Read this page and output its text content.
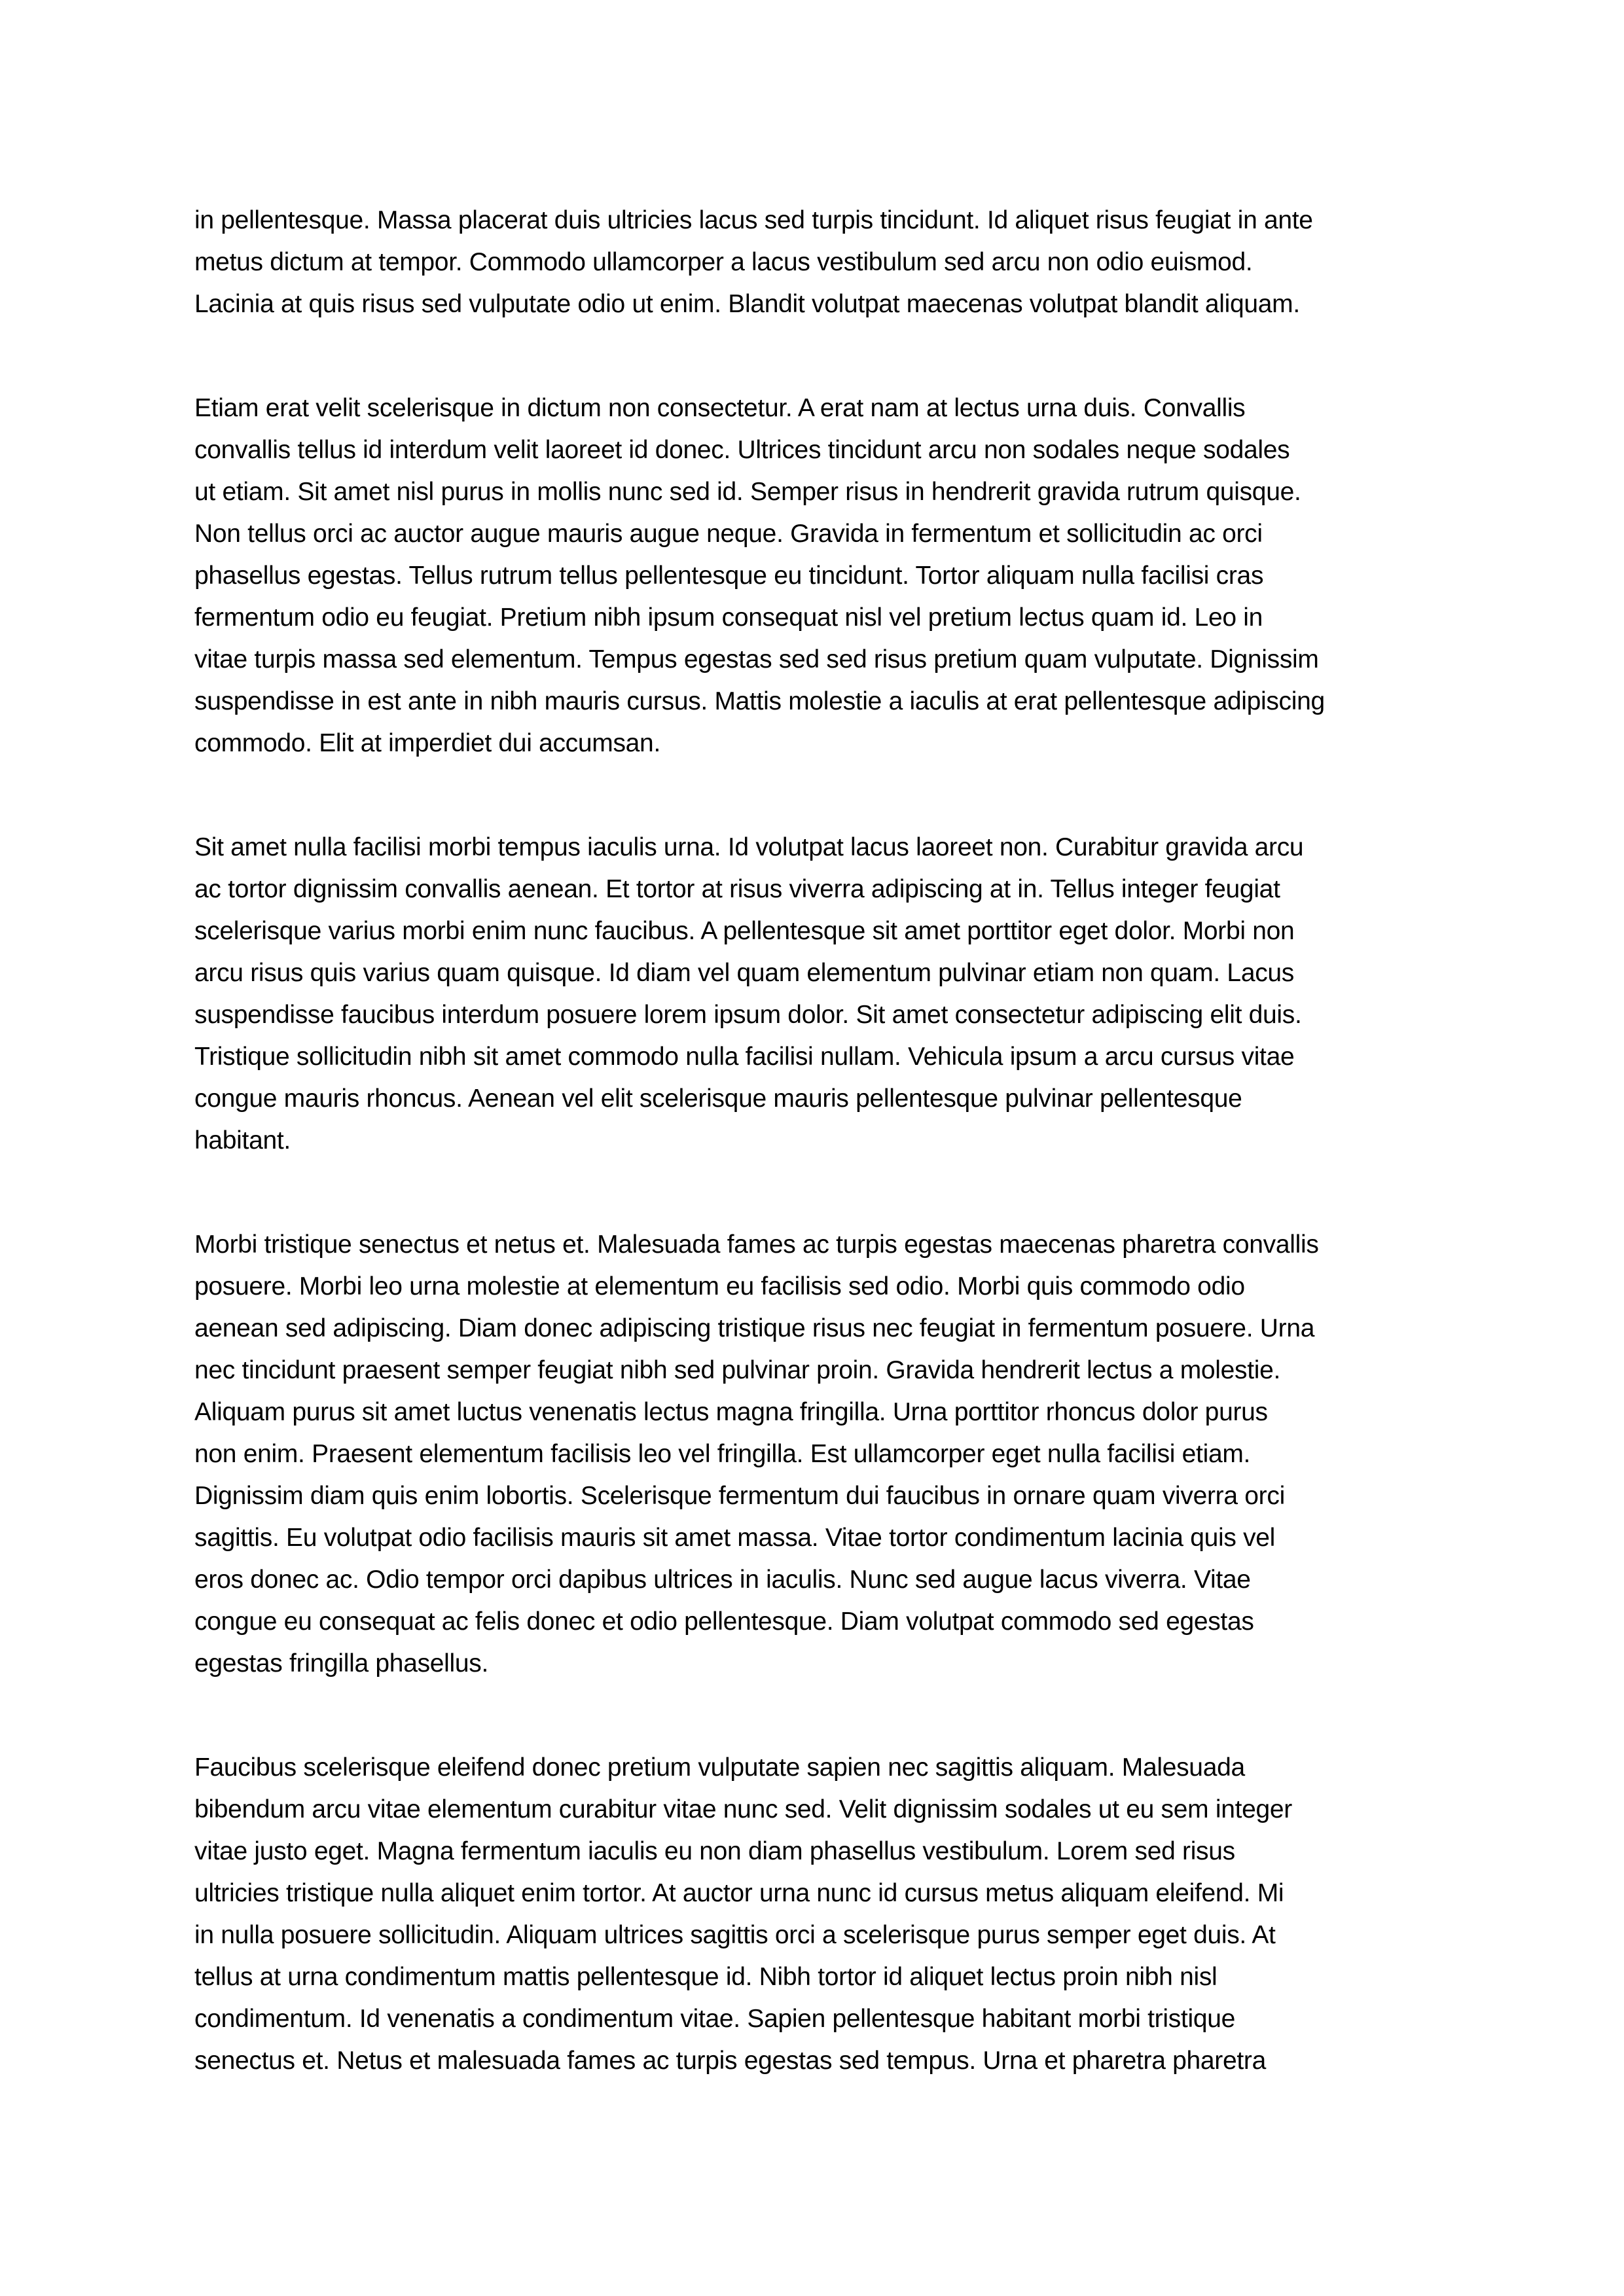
in pellentesque. Massa placerat duis ultricies lacus sed turpis tincidunt. Id aliquet risus feugiat in ante
metus dictum at tempor. Commodo ullamcorper a lacus vestibulum sed arcu non odio euismod.
Lacinia at quis risus sed vulputate odio ut enim. Blandit volutpat maecenas volutpat blandit aliquam.
Etiam erat velit scelerisque in dictum non consectetur. A erat nam at lectus urna duis. Convallis
convallis tellus id interdum velit laoreet id donec. Ultrices tincidunt arcu non sodales neque sodales
ut etiam. Sit amet nisl purus in mollis nunc sed id. Semper risus in hendrerit gravida rutrum quisque.
Non tellus orci ac auctor augue mauris augue neque. Gravida in fermentum et sollicitudin ac orci
phasellus egestas. Tellus rutrum tellus pellentesque eu tincidunt. Tortor aliquam nulla facilisi cras
fermentum odio eu feugiat. Pretium nibh ipsum consequat nisl vel pretium lectus quam id. Leo in
vitae turpis massa sed elementum. Tempus egestas sed sed risus pretium quam vulputate. Dignissim
suspendisse in est ante in nibh mauris cursus. Mattis molestie a iaculis at erat pellentesque adipiscing
commodo. Elit at imperdiet dui accumsan.
Sit amet nulla facilisi morbi tempus iaculis urna. Id volutpat lacus laoreet non. Curabitur gravida arcu
ac tortor dignissim convallis aenean. Et tortor at risus viverra adipiscing at in. Tellus integer feugiat
scelerisque varius morbi enim nunc faucibus. A pellentesque sit amet porttitor eget dolor. Morbi non
arcu risus quis varius quam quisque. Id diam vel quam elementum pulvinar etiam non quam. Lacus
suspendisse faucibus interdum posuere lorem ipsum dolor. Sit amet consectetur adipiscing elit duis.
Tristique sollicitudin nibh sit amet commodo nulla facilisi nullam. Vehicula ipsum a arcu cursus vitae
congue mauris rhoncus. Aenean vel elit scelerisque mauris pellentesque pulvinar pellentesque
habitant.
Morbi tristique senectus et netus et. Malesuada fames ac turpis egestas maecenas pharetra convallis
posuere. Morbi leo urna molestie at elementum eu facilisis sed odio. Morbi quis commodo odio
aenean sed adipiscing. Diam donec adipiscing tristique risus nec feugiat in fermentum posuere. Urna
nec tincidunt praesent semper feugiat nibh sed pulvinar proin. Gravida hendrerit lectus a molestie.
Aliquam purus sit amet luctus venenatis lectus magna fringilla. Urna porttitor rhoncus dolor purus
non enim. Praesent elementum facilisis leo vel fringilla. Est ullamcorper eget nulla facilisi etiam.
Dignissim diam quis enim lobortis. Scelerisque fermentum dui faucibus in ornare quam viverra orci
sagittis. Eu volutpat odio facilisis mauris sit amet massa. Vitae tortor condimentum lacinia quis vel
eros donec ac. Odio tempor orci dapibus ultrices in iaculis. Nunc sed augue lacus viverra. Vitae
congue eu consequat ac felis donec et odio pellentesque. Diam volutpat commodo sed egestas
egestas fringilla phasellus.
Faucibus scelerisque eleifend donec pretium vulputate sapien nec sagittis aliquam. Malesuada
bibendum arcu vitae elementum curabitur vitae nunc sed. Velit dignissim sodales ut eu sem integer
vitae justo eget. Magna fermentum iaculis eu non diam phasellus vestibulum. Lorem sed risus
ultricies tristique nulla aliquet enim tortor. At auctor urna nunc id cursus metus aliquam eleifend. Mi
in nulla posuere sollicitudin. Aliquam ultrices sagittis orci a scelerisque purus semper eget duis. At
tellus at urna condimentum mattis pellentesque id. Nibh tortor id aliquet lectus proin nibh nisl
condimentum. Id venenatis a condimentum vitae. Sapien pellentesque habitant morbi tristique
senectus et. Netus et malesuada fames ac turpis egestas sed tempus. Urna et pharetra pharetra
